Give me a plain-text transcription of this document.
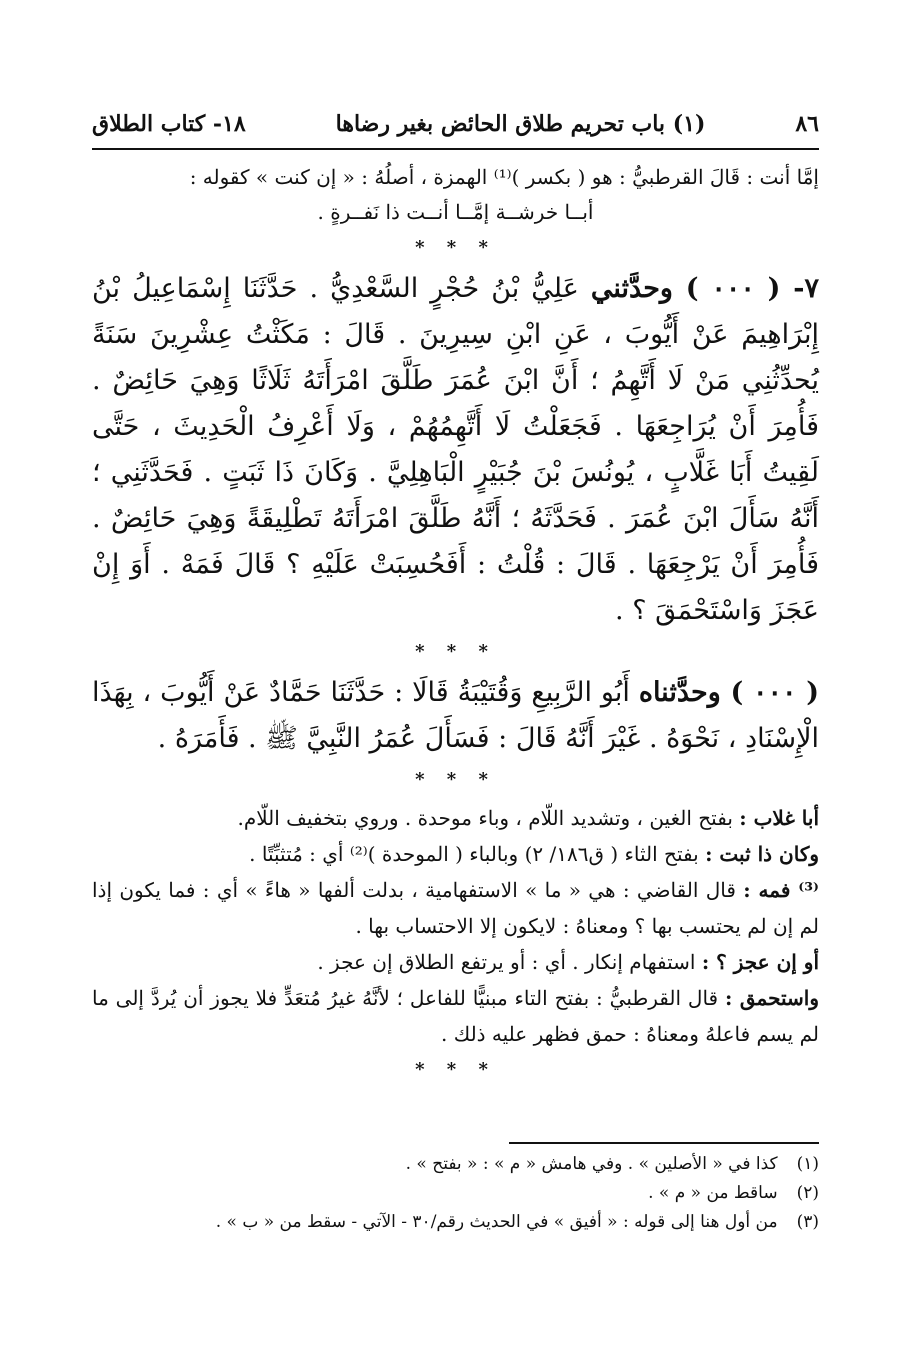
٨٦
(١) باب تحريم طلاق الحائض بغير رضاها
١٨- كتاب الطلاق

إمَّا أنت : قَالَ القرطبيُّ : هو ( بكسر )⁽¹⁾ الهمزة ، أصلُهُ : « إن كنت » كقوله :

أبــا خرشــة إمَّــا أنــت ذا نَفــرةٍ .

* * *

٧- ( ٠٠٠ ) وحدَّثني عَلِيُّ بْنُ حُجْرٍ السَّعْدِيُّ . حَدَّثَنَا إِسْمَاعِيلُ بْنُ إِبْرَاهِيمَ عَنْ أَيُّوبَ ، عَنِ ابْنِ سِيرِينَ . قَالَ : مَكَثْتُ عِشْرِينَ سَنَةً يُحدِّثُنِي مَنْ لَا أَتَّهِمُ ؛ أَنَّ ابْنَ عُمَرَ طَلَّقَ امْرَأَتَهُ ثَلَاثًا وَهِيَ حَائِضٌ . فَأُمِرَ أَنْ يُرَاجِعَهَا . فَجَعَلْتُ لَا أَتَّهِمُهُمْ ، وَلَا أَعْرِفُ الْحَدِيثَ ، حَتَّى لَقِيتُ أَبَا غَلَّابٍ ، يُونُسَ بْنَ جُبَيْرٍ الْبَاهِلِيَّ . وَكَانَ ذَا ثَبَتٍ . فَحَدَّثَنِي ؛ أَنَّهُ سَأَلَ ابْنَ عُمَرَ . فَحَدَّثَهُ ؛ أَنَّهُ طَلَّقَ امْرَأَتَهُ تَطْلِيقَةً وَهِيَ حَائِضٌ . فَأُمِرَ أَنْ يَرْجِعَهَا . قَالَ : قُلْتُ : أَفَحُسِبَتْ عَلَيْهِ ؟ قَالَ فَمَهْ . أَوَ إِنْ عَجَزَ وَاسْتَحْمَقَ ؟ .

* * *

( ٠٠٠ ) وحدَّثناه أَبُو الرَّبِيعِ وَقُتَيْبَةُ قَالَا : حَدَّثَنَا حَمَّادٌ عَنْ أَيُّوبَ ، بِهَذَا الْإِسْنَادِ ، نَحْوَهُ . غَيْرَ أَنَّهُ قَالَ : فَسَأَلَ عُمَرُ النَّبِيَّ ﷺ . فَأَمَرَهُ .

* * *

أبا غلاب : بفتح الغين ، وتشديد اللّام ، وباء موحدة . وروي بتخفيف اللّام.

وكان ذا ثبت : بفتح الثاء ( ق١٨٦/ ٢) وبالباء ( الموحدة )⁽²⁾ أي : مُتثبِّتًا .

⁽³⁾ فمه : قال القاضي : هي « ما » الاستفهامية ، بدلت ألفها « هاءً » أي : فما يكون إذا لم إن لم يحتسب بها ؟ ومعناهُ : لايكون إلا الاحتساب بها .

أو إن عجز ؟ : استفهام إنكار . أي : أو يرتفع الطلاق إن عجز .

واستحمق : قال القرطبيُّ : بفتح التاء مبنيًّا للفاعل ؛ لأنَّهُ غيرُ مُتعَدٍّ فلا يجوز أن يُردَّ إلى ما لم يسم فاعلهُ ومعناهُ : حمق فظهر عليه ذلك .

* * *

(١) كذا في « الأصلين » . وفي هامش « م » : « بفتح » .

(٢) ساقط من « م » .

(٣) من أول هنا إلى قوله : « أفيق » في الحديث رقم/٣٠ - الآتي - سقط من « ب » .
